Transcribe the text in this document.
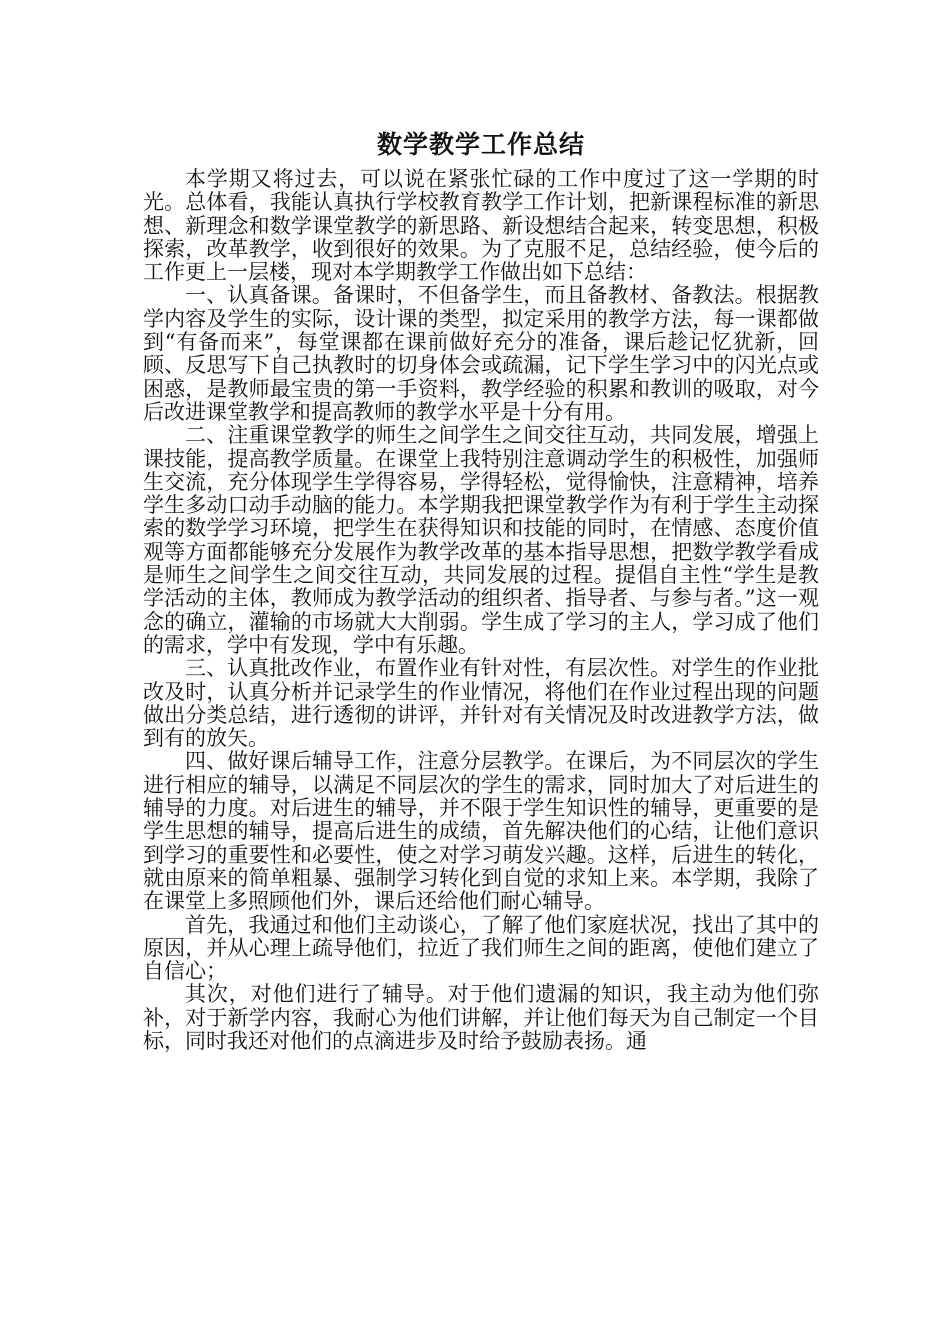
数学教学工作总结

本学期又将过去，可以说在紧张忙碌的工作中度过了这一学期的时光。总体看，我能认真执行学校教育教学工作计划，把新课程标准的新思想、新理念和数学课堂教学的新思路、新设想结合起来，转变思想，积极探索，改革教学，收到很好的效果。为了克服不足，总结经验，使今后的工作更上一层楼，现对本学期教学工作做出如下总结：

一、认真备课。备课时，不但备学生，而且备教材、备教法。根据教学内容及学生的实际，设计课的类型，拟定采用的教学方法，每一课都做到“有备而来”，每堂课都在课前做好充分的准备，课后趁记忆犹新，回顾、反思写下自己执教时的切身体会或疏漏，记下学生学习中的闪光点或困惑，是教师最宝贵的第一手资料，教学经验的积累和教训的吸取，对今后改进课堂教学和提高教师的教学水平是十分有用。

二、注重课堂教学的师生之间学生之间交往互动，共同发展，增强上课技能，提高教学质量。在课堂上我特别注意调动学生的积极性，加强师生交流，充分体现学生学得容易，学得轻松，觉得愉快，注意精神，培养学生多动口动手动脑的能力。本学期我把课堂教学作为有利于学生主动探索的数学学习环境，把学生在获得知识和技能的同时，在情感、态度价值观等方面都能够充分发展作为教学改革的基本指导思想，把数学教学看成是师生之间学生之间交往互动，共同发展的过程。提倡自主性“学生是教学活动的主体，教师成为教学活动的组织者、指导者、与参与者。”这一观念的确立，灌输的市场就大大削弱。学生成了学习的主人，学习成了他们的需求，学中有发现，学中有乐趣。

三、认真批改作业，布置作业有针对性，有层次性。对学生的作业批改及时，认真分析并记录学生的作业情况，将他们在作业过程出现的问题做出分类总结，进行透彻的讲评，并针对有关情况及时改进教学方法，做到有的放矢。

四、做好课后辅导工作，注意分层教学。在课后，为不同层次的学生进行相应的辅导，以满足不同层次的学生的需求，同时加大了对后进生的辅导的力度。对后进生的辅导，并不限于学生知识性的辅导，更重要的是学生思想的辅导，提高后进生的成绩，首先解决他们的心结，让他们意识到学习的重要性和必要性，使之对学习萌发兴趣。这样，后进生的转化，就由原来的简单粗暴、强制学习转化到自觉的求知上来。本学期，我除了在课堂上多照顾他们外，课后还给他们耐心辅导。

首先，我通过和他们主动谈心，了解了他们家庭状况，找出了其中的原因，并从心理上疏导他们，拉近了我们师生之间的距离，使他们建立了自信心；

其次，对他们进行了辅导。对于他们遗漏的知识，我主动为他们弥补，对于新学内容，我耐心为他们讲解，并让他们每天为自己制定一个目标，同时我还对他们的点滴进步及时给予鼓励表扬。通
